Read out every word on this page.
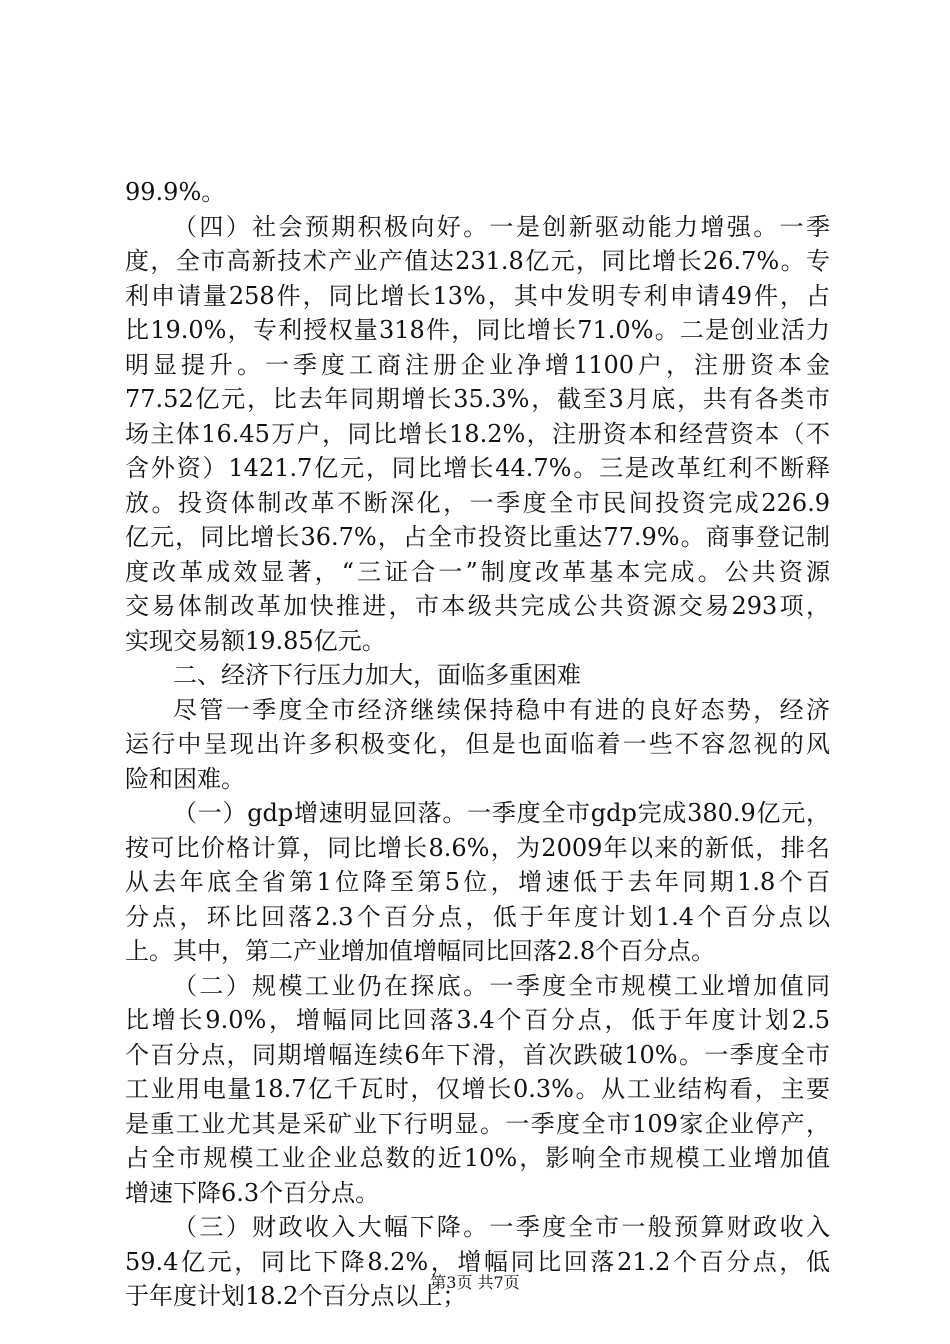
99.9%。
（四）社会预期积极向好。一是创新驱动能力增强。一季
度，全市高新技术产业产值达231.8亿元，同比增长26.7%。专
利申请量258件，同比增长13%，其中发明专利申请49件，占
比19.0%，专利授权量318件，同比增长71.0%。二是创业活力
明显提升。一季度工商注册企业净增1100户，注册资本金
77.52亿元，比去年同期增长35.3%，截至3月底，共有各类市
场主体16.45万户，同比增长18.2%，注册资本和经营资本（不
含外资）1421.7亿元，同比增长44.7%。三是改革红利不断释
放。投资体制改革不断深化，一季度全市民间投资完成226.9
亿元，同比增长36.7%，占全市投资比重达77.9%。商事登记制
度改革成效显著，“三证合一”制度改革基本完成。公共资源
交易体制改革加快推进，市本级共完成公共资源交易293项，
实现交易额19.85亿元。
二、经济下行压力加大，面临多重困难
尽管一季度全市经济继续保持稳中有进的良好态势，经济
运行中呈现出许多积极变化，但是也面临着一些不容忽视的风
险和困难。
（一）gdp增速明显回落。一季度全市gdp完成380.9亿元，
按可比价格计算，同比增长8.6%，为2009年以来的新低，排名
从去年底全省第1位降至第5位，增速低于去年同期1.8个百
分点，环比回落2.3个百分点，低于年度计划1.4个百分点以
上。其中，第二产业增加值增幅同比回落2.8个百分点。
（二）规模工业仍在探底。一季度全市规模工业增加值同
比增长9.0%，增幅同比回落3.4个百分点，低于年度计划2.5
个百分点，同期增幅连续6年下滑，首次跌破10%。一季度全市
工业用电量18.7亿千瓦时，仅增长0.3%。从工业结构看，主要
是重工业尤其是采矿业下行明显。一季度全市109家企业停产，
占全市规模工业企业总数的近10%，影响全市规模工业增加值
增速下降6.3个百分点。
（三）财政收入大幅下降。一季度全市一般预算财政收入
59.4亿元，同比下降8.2%，增幅同比回落21.2个百分点，低
于年度计划18.2个百分点以上；
第3页 共7页
